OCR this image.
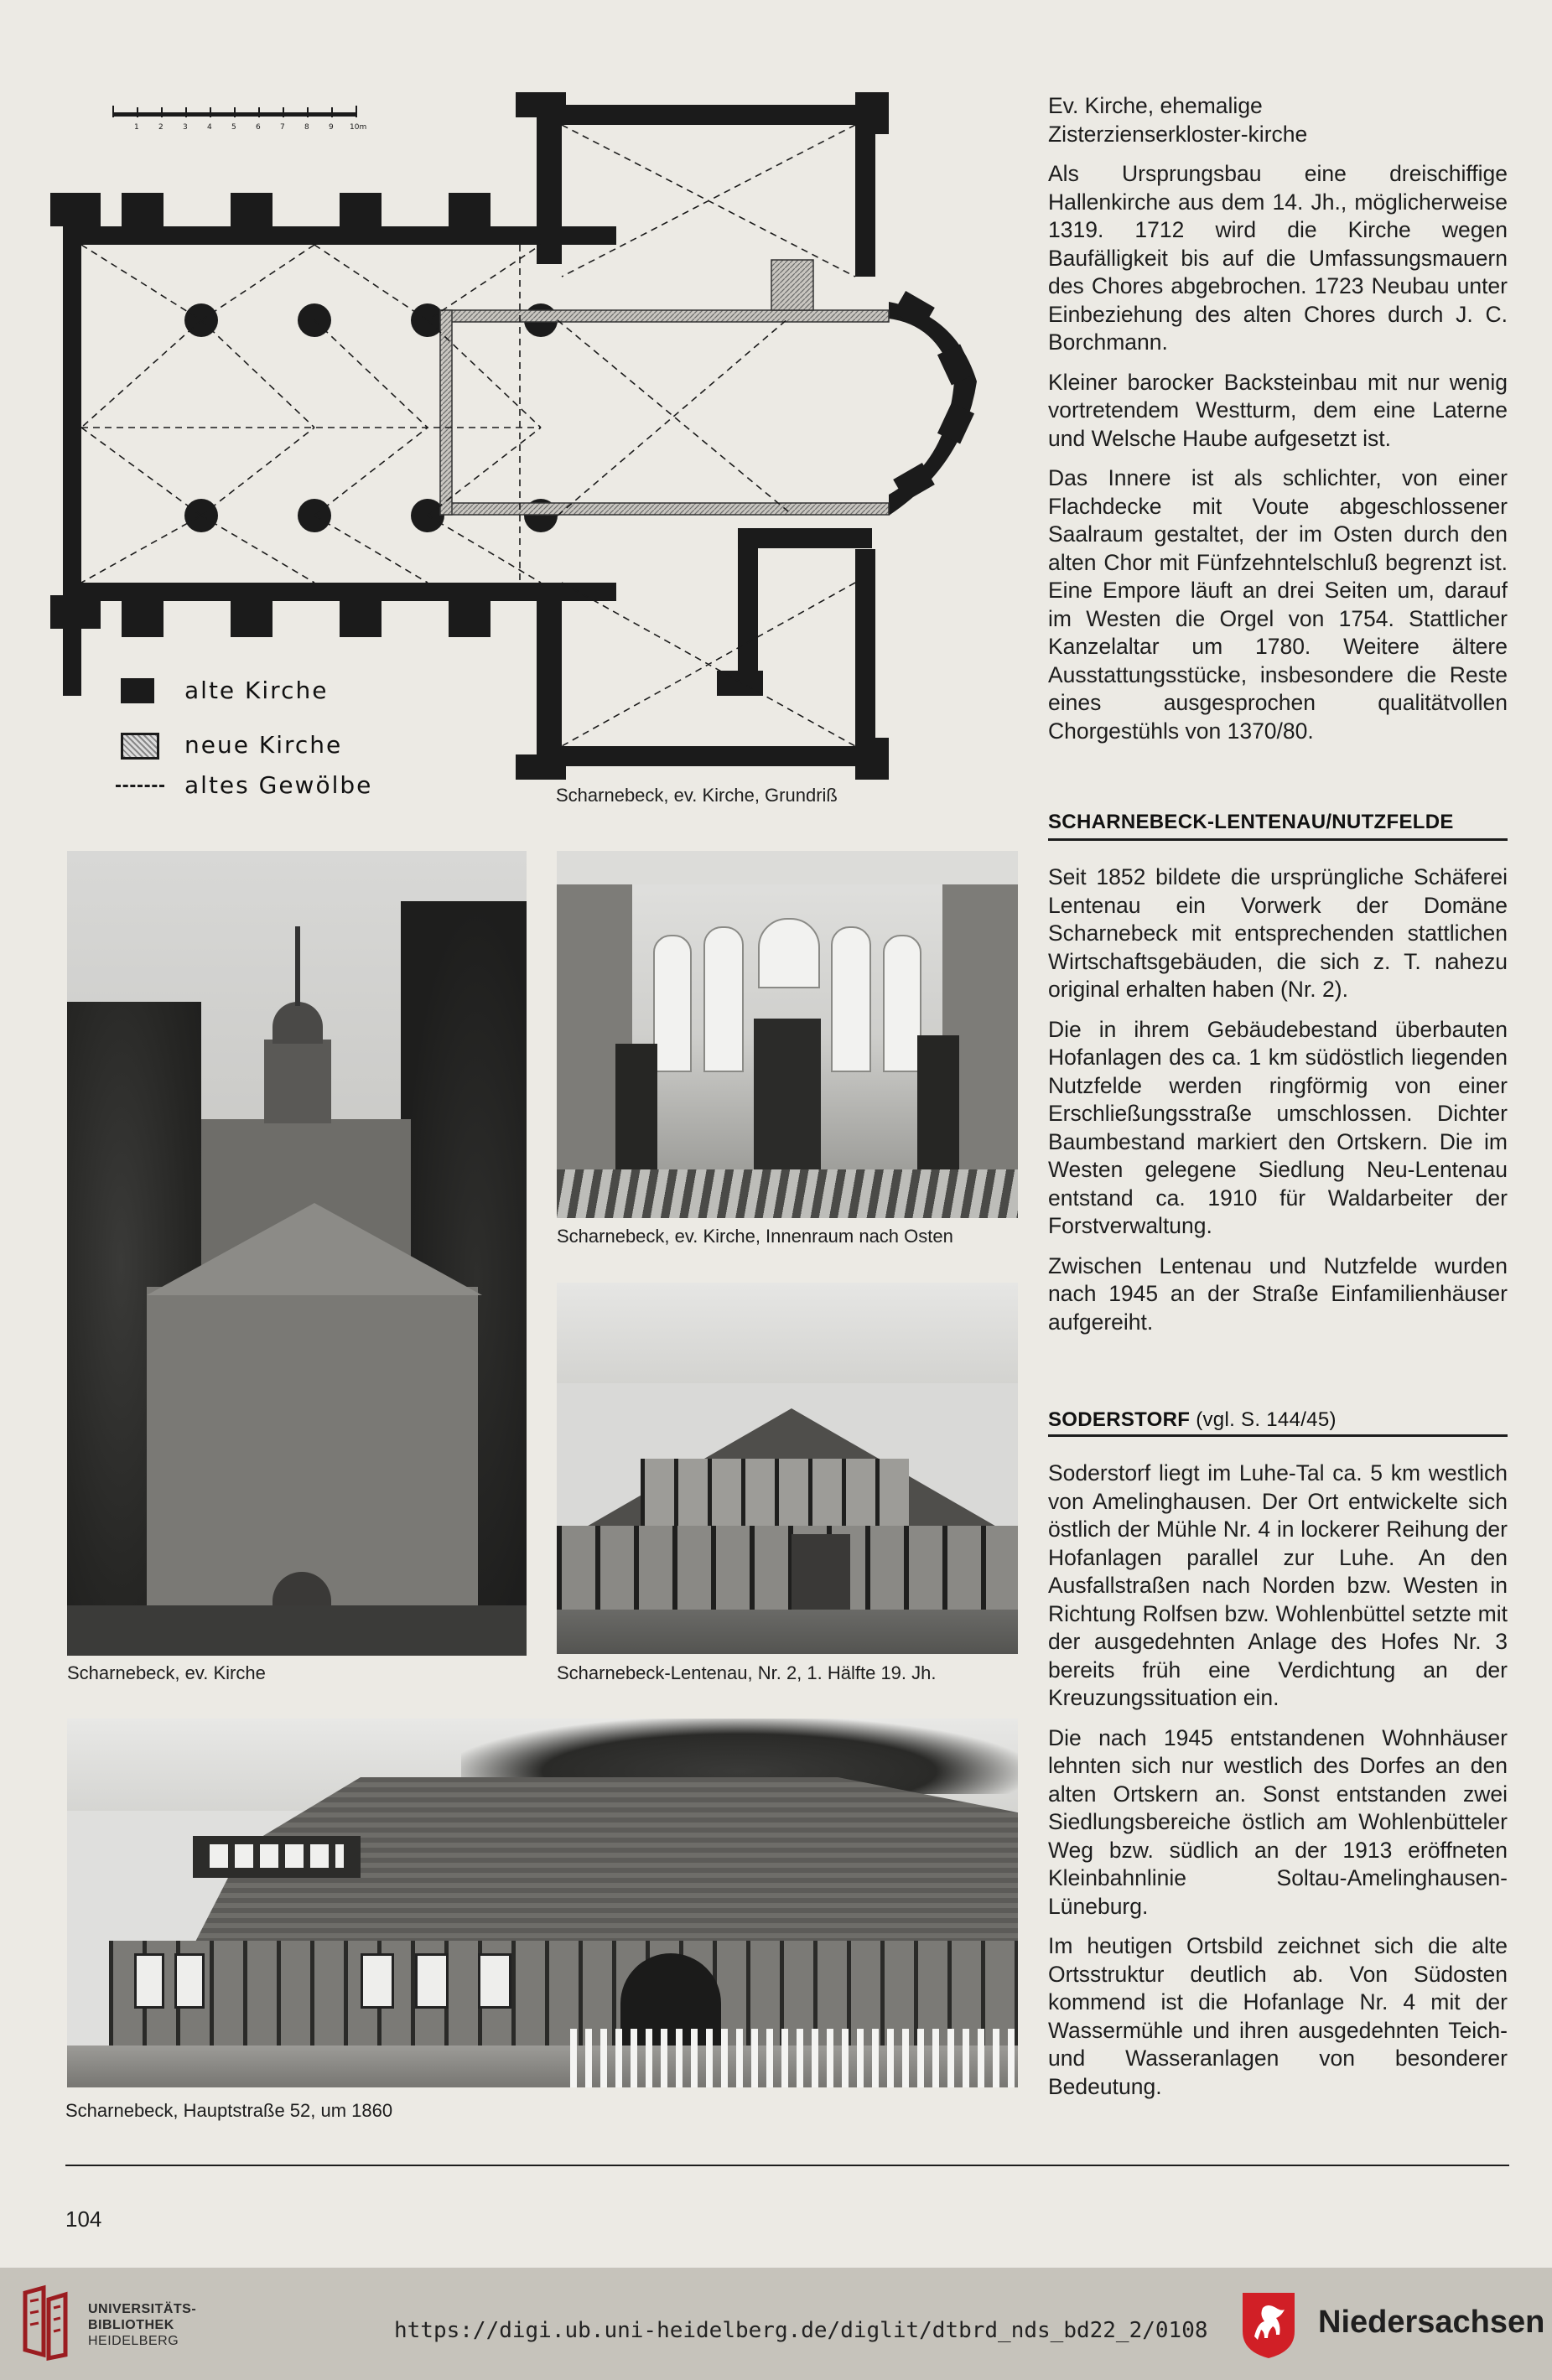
1	2	3	4	5	6	7	8	9 10m
alte Kirche
neue Kirche
altes Gewölbe	Scharnebeck, ev. Kirche, Grundriß
Scharnebeck, ev. Kirche
Scharnebeck, ev. Kirche, Innenraum nach Osten
Scharnebeck-Lentenau, Nr. 2, 1. Hälfte 19. Jh.
Scharnebeck, Hauptstraße 52, um 1860

Ev. Kirche, ehemalige Zisterzienserkloster-kirche

Als Ursprungsbau eine dreischiffige Hallenkirche aus dem 14. Jh., möglicherweise 1319. 1712 wird die Kirche wegen Baufälligkeit bis auf die Umfassungsmauern des Chores abgebrochen. 1723 Neubau unter Einbeziehung des alten Chores durch J. C. Borchmann.

Kleiner barocker Backsteinbau mit nur wenig vortretendem Westturm, dem eine Laterne und Welsche Haube aufgesetzt ist.

Das Innere ist als schlichter, von einer Flachdecke mit Voute abgeschlossener Saalraum gestaltet, der im Osten durch den alten Chor mit Fünfzehntelschluß begrenzt ist. Eine Empore läuft an drei Seiten um, darauf im Westen die Orgel von 1754. Stattlicher Kanzelaltar um 1780. Weitere ältere Ausstattungsstücke, insbesondere die Reste eines ausgesprochen qualitätvollen Chorgestühls von 1370/80.

SCHARNEBECK-LENTENAU/NUTZFELDE

Seit 1852 bildete die ursprüngliche Schäferei Lentenau ein Vorwerk der Domäne Scharnebeck mit entsprechenden stattlichen Wirtschaftsgebäuden, die sich z. T. nahezu original erhalten haben (Nr. 2).

Die in ihrem Gebäudebestand überbauten Hofanlagen des ca. 1 km südöstlich liegenden Nutzfelde werden ringförmig von einer Erschließungsstraße umschlossen. Dichter Baumbestand markiert den Ortskern. Die im Westen gelegene Siedlung Neu-Lentenau entstand ca. 1910 für Waldarbeiter der Forstverwaltung.

Zwischen Lentenau und Nutzfelde wurden nach 1945 an der Straße Einfamilienhäuser aufgereiht.

SODERSTORF (vgl. S. 144/45)

Soderstorf liegt im Luhe-Tal ca. 5 km westlich von Amelinghausen. Der Ort entwickelte sich östlich der Mühle Nr. 4 in lockerer Reihung der Hofanlagen parallel zur Luhe. An den Ausfallstraßen nach Norden bzw. Westen in Richtung Rolfsen bzw. Wohlenbüttel setzte mit der ausgedehnten Anlage des Hofes Nr. 3 bereits früh eine Verdichtung an der Kreuzungssituation ein.

Die nach 1945 entstandenen Wohnhäuser lehnten sich nur westlich des Dorfes an den alten Ortskern an. Sonst entstanden zwei Siedlungsbereiche östlich am Wohlenbütteler Weg bzw. südlich an der 1913 eröffneten Kleinbahnlinie Soltau-Amelinghausen-Lüneburg.

Im heutigen Ortsbild zeichnet sich die alte Ortsstruktur deutlich ab. Von Südosten kommend ist die Hofanlage Nr. 4 mit der Wassermühle und ihren ausgedehnten Teich- und Wasseranlagen von besonderer Bedeutung.

104
UNIVERSITÄTS-
BIBLIOTHEK
HEIDELBERG	https://digi.ub.uni-heidelberg.de/diglit/dtbrd_nds_bd22_2/0108	Niedersachsen
